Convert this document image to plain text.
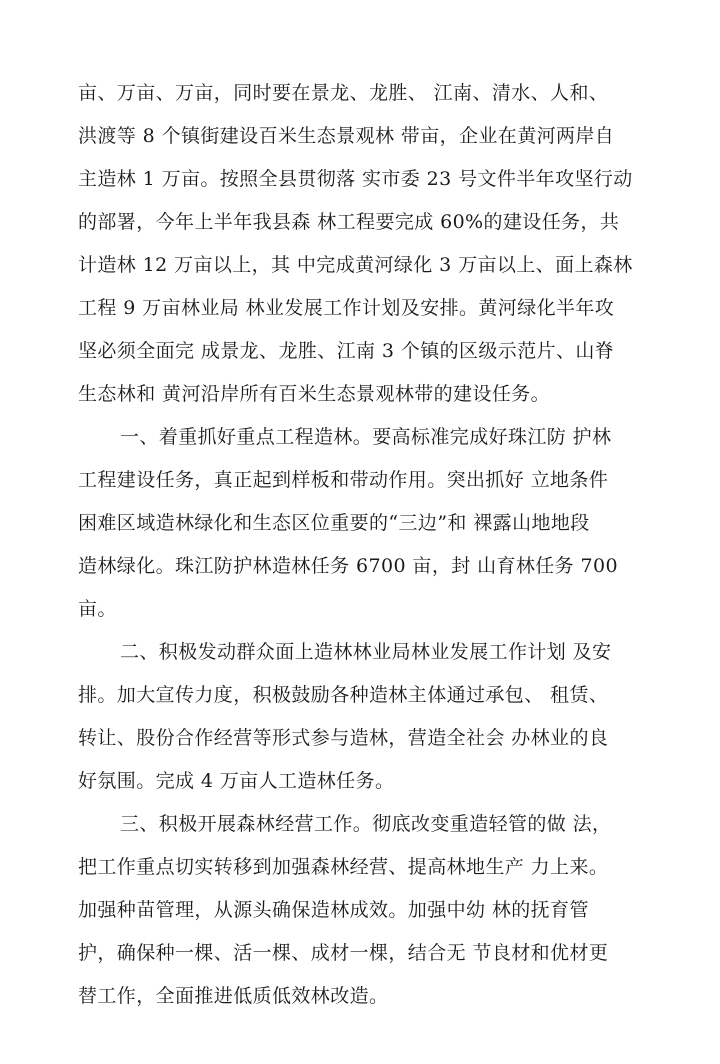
亩、万亩、万亩，同时要在景龙、龙胜、 江南、清水、人和、
洪渡等 8 个镇街建设百米生态景观林 带亩，企业在黄河两岸自
主造林 1 万亩。按照全县贯彻落 实市委 23 号文件半年攻坚行动
的部署，今年上半年我县森 林工程要完成 60%的建设任务，共
计造林 12 万亩以上，其 中完成黄河绿化 3 万亩以上、面上森林
工程 9 万亩林业局 林业发展工作计划及安排。黄河绿化半年攻
坚必须全面完 成景龙、龙胜、江南 3 个镇的区级示范片、山脊
生态林和 黄河沿岸所有百米生态景观林带的建设任务。
一、着重抓好重点工程造林。要高标准完成好珠江防 护林
工程建设任务，真正起到样板和带动作用。突出抓好 立地条件
困难区域造林绿化和生态区位重要的“三边”和 裸露山地地段
造林绿化。珠江防护林造林任务 6700 亩，封 山育林任务 700
亩。
二、积极发动群众面上造林林业局林业发展工作计划 及安
排。加大宣传力度，积极鼓励各种造林主体通过承包、 租赁、
转让、股份合作经营等形式参与造林，营造全社会 办林业的良
好氛围。完成 4 万亩人工造林任务。
三、积极开展森林经营工作。彻底改变重造轻管的做 法，
把工作重点切实转移到加强森林经营、提高林地生产 力上来。
加强种苗管理，从源头确保造林成效。加强中幼 林的抚育管
护，确保种一棵、活一棵、成材一棵，结合无 节良材和优材更
替工作，全面推进低质低效林改造。
